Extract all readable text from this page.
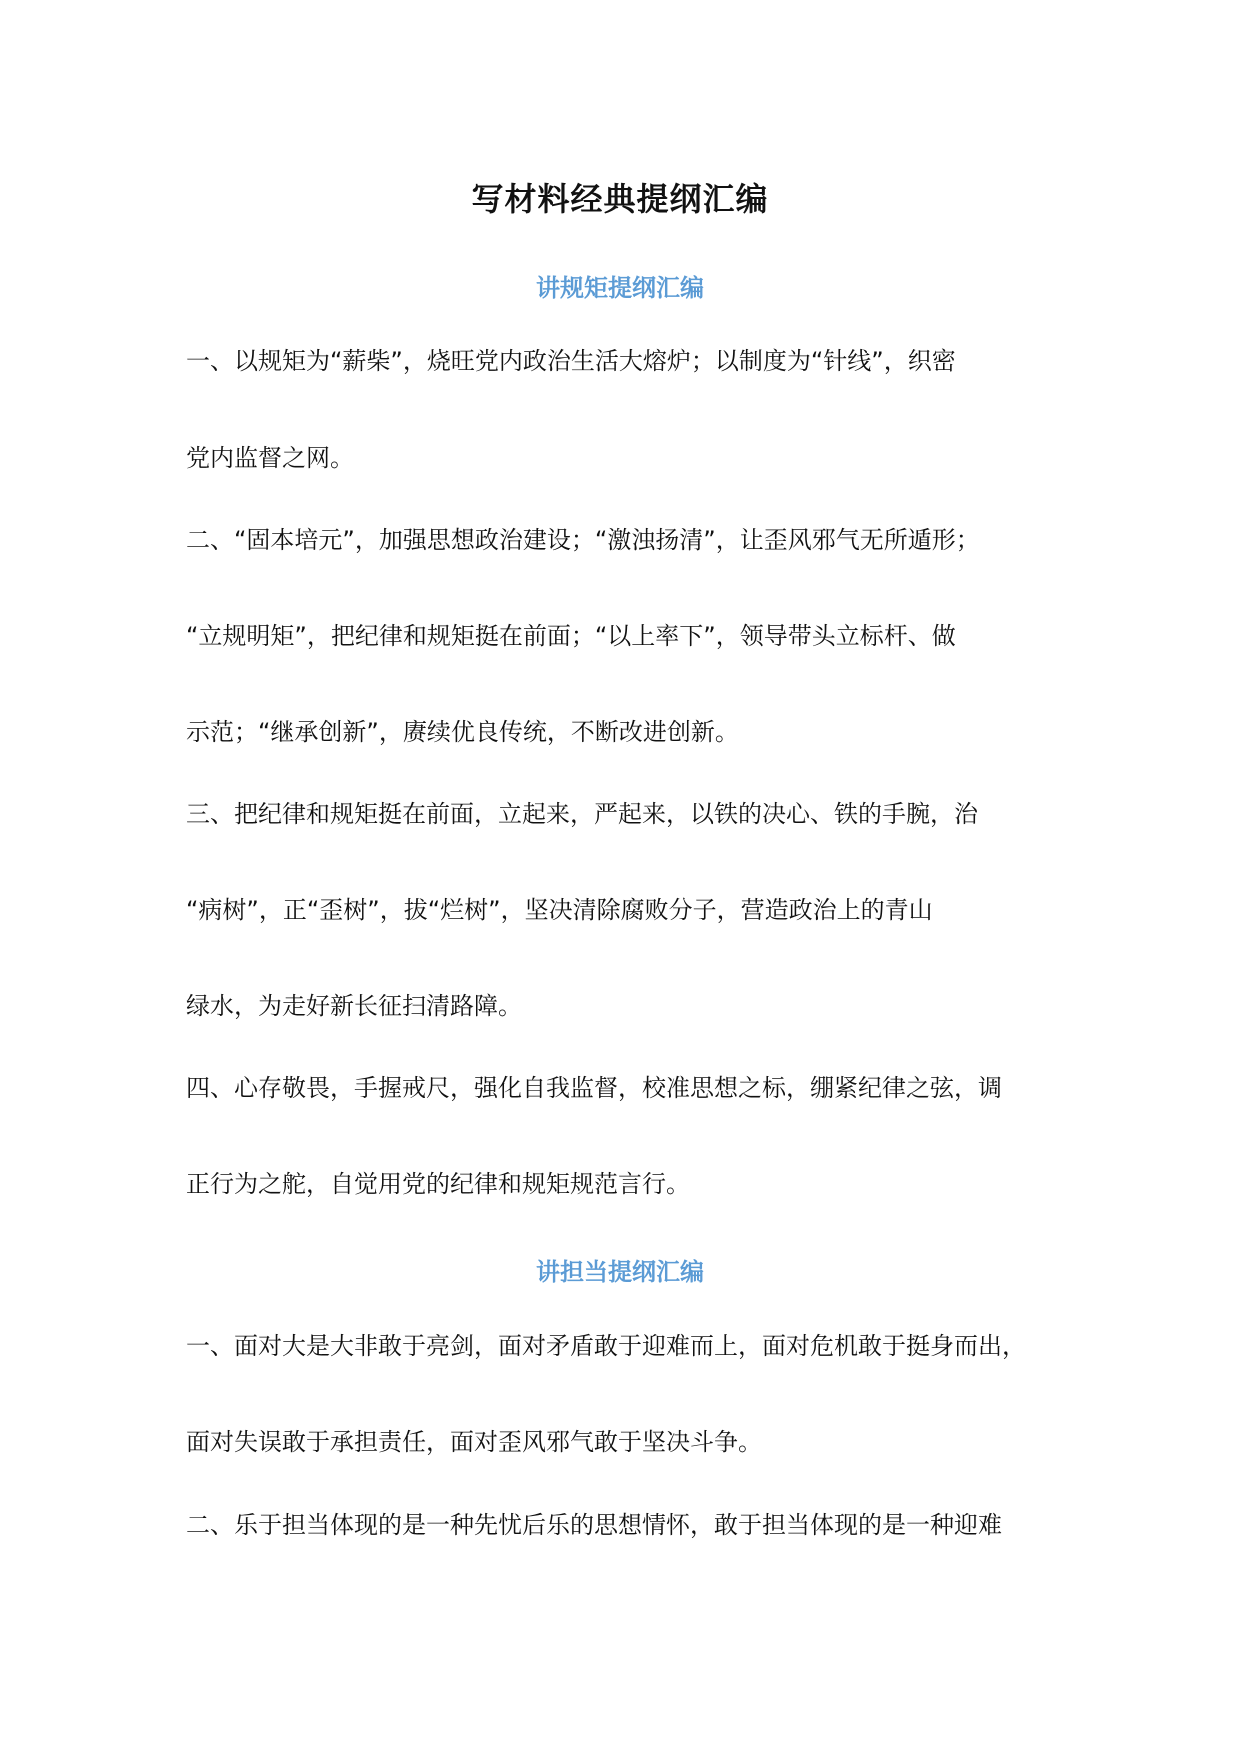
写材料经典提纲汇编
讲规矩提纲汇编

一、以规矩为“薪柴”，烧旺党内政治生活大熔炉；以制度为“针线”，织密

党内监督之网。

二、“固本培元”，加强思想政治建设；“激浊扬清”，让歪风邪气无所遁形；

“立规明矩”，把纪律和规矩挺在前面；“以上率下”，领导带头立标杆、做

示范；“继承创新”，赓续优良传统，不断改进创新。

三、把纪律和规矩挺在前面，立起来，严起来，以铁的决心、铁的手腕，治

“病树”，正“歪树”，拔“烂树”，坚决清除腐败分子，营造政治上的青山

绿水，为走好新长征扫清路障。

四、心存敬畏，手握戒尺，强化自我监督，校准思想之标，绷紧纪律之弦，调

正行为之舵，自觉用党的纪律和规矩规范言行。

讲担当提纲汇编

一、面对大是大非敢于亮剑，面对矛盾敢于迎难而上，面对危机敢于挺身而出，

面对失误敢于承担责任，面对歪风邪气敢于坚决斗争。

二、乐于担当体现的是一种先忧后乐的思想情怀，敢于担当体现的是一种迎难
